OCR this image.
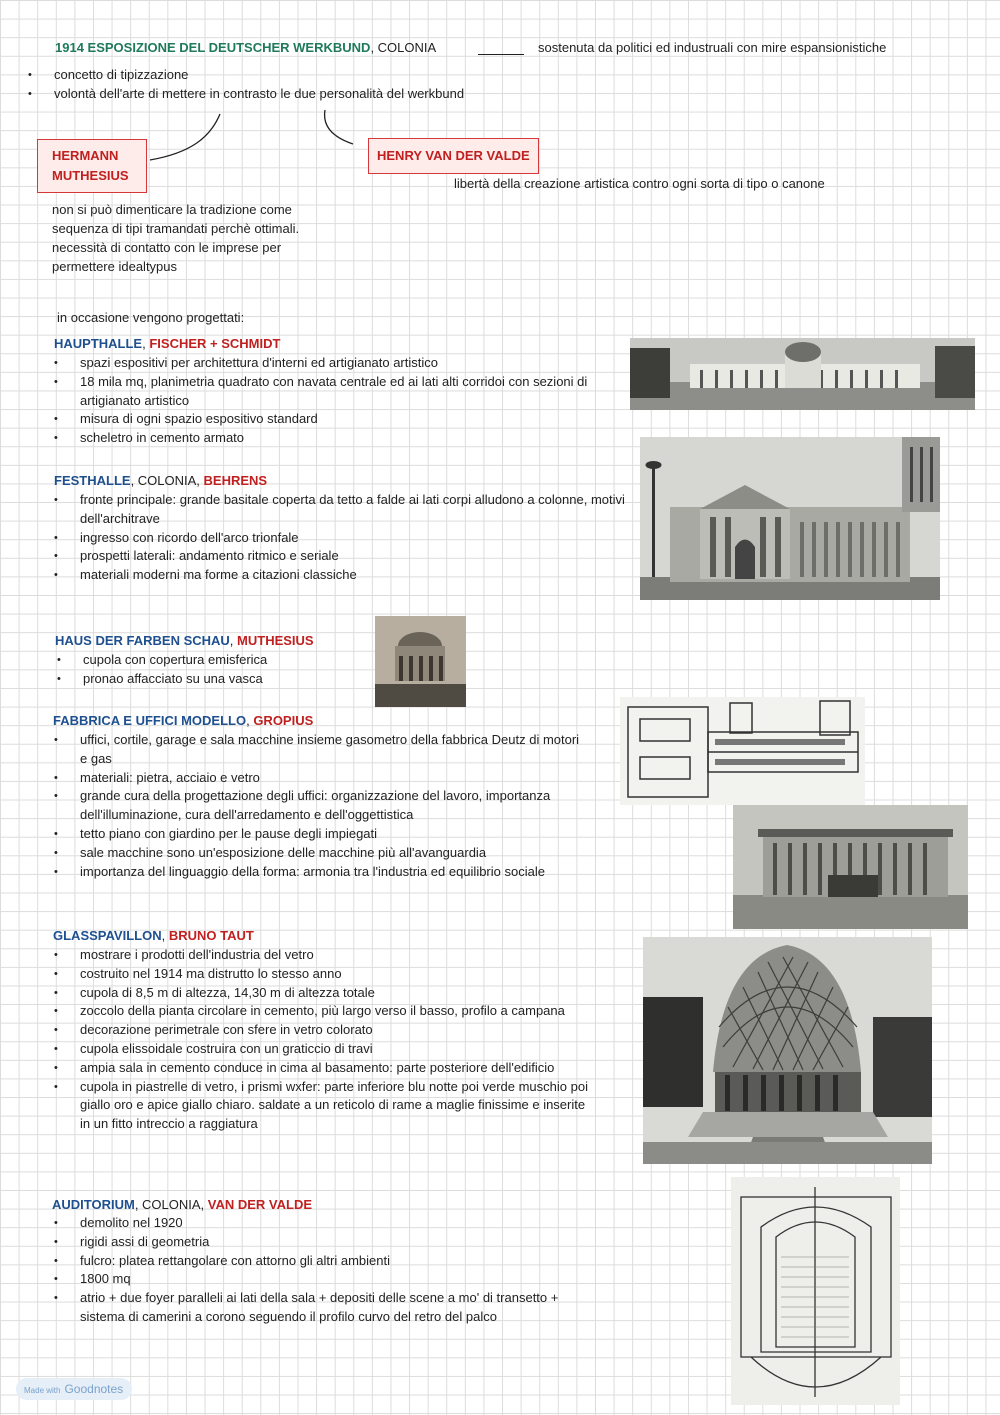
1914 ESPOSIZIONE DEL DEUTSCHER WERKBUND, COLONIA	sostenuta da politici ed industruali con mire espansionistiche
• concetto di tipizzazione
• volontà dell'arte di mettere in contrasto le due personalità del werkbund
HERMANN
MUTHESIUS
non si può dimenticare la tradizione come
sequenza di tipi tramandati perchè ottimali.
necessità di contatto con le imprese per
permettere idealtypus
HENRY VAN DER VALDE
libertà della creazione artistica contro ogni sorta di tipo o canone
in occasione vengono progettati:
HAUPTHALLE, FISCHER + SCHMIDT
• spazi espositivi per architettura d'interni ed artigianato artistico
• 18 mila mq, planimetria quadrato con navata centrale ed ai lati alti corridoi con sezioni di artigianato artistico
• misura di ogni spazio espositivo standard
• scheletro in cemento armato
FESTHALLE, COLONIA, BEHRENS
• fronte principale: grande basitale coperta da tetto a falde ai lati corpi alludono a colonne, motivi dell'architrave
• ingresso con ricordo dell'arco trionfale
• prospetti laterali: andamento ritmico e seriale
• materiali moderni ma forme a citazioni classiche
HAUS DER FARBEN SCHAU, MUTHESIUS
• cupola con copertura emisferica
• pronao affacciato su una vasca
FABBRICA E UFFICI MODELLO, GROPIUS
• uffici, cortile, garage e sala macchine insieme gasometro della fabbrica Deutz di motori e gas
• materiali: pietra, acciaio e vetro
• grande cura della progettazione degli uffici: organizzazione del lavoro, importanza dell'illuminazione, cura dell'arredamento e dell'oggettistica
• tetto piano con giardino per le pause degli impiegati
• sale macchine sono un'esposizione delle macchine più all'avanguardia
• importanza del linguaggio della forma: armonia tra l'industria ed equilibrio sociale
GLASSPAVILLON, BRUNO TAUT
• mostrare i prodotti dell'industria del vetro
• costruito nel 1914 ma distrutto lo stesso anno
• cupola di 8,5 m di altezza, 14,30 m di altezza totale
• zoccolo della pianta circolare in cemento, più largo verso il basso, profilo a campana
• decorazione perimetrale con sfere in vetro colorato
• cupola elissoidale costruira con un graticcio di travi
• ampia sala in cemento conduce in cima al basamento: parte posteriore dell'edificio
• cupola in piastrelle di vetro, i prismi wxfer: parte inferiore blu notte poi verde muschio poi giallo oro e apice giallo chiaro. saldate a un reticolo di rame a maglie finissime e inserite in un fitto intreccio a raggiatura
AUDITORIUM, COLONIA, VAN DER VALDE
• demolito nel 1920
• rigidi assi di geometria
• fulcro: platea rettangolare con attorno gli altri ambienti
• 1800 mq
• atrio + due foyer paralleli ai lati della sala + depositi delle scene a mo' di transetto + sistema di camerini a corono seguendo il profilo curvo del retro del palco
Made with Goodnotes
